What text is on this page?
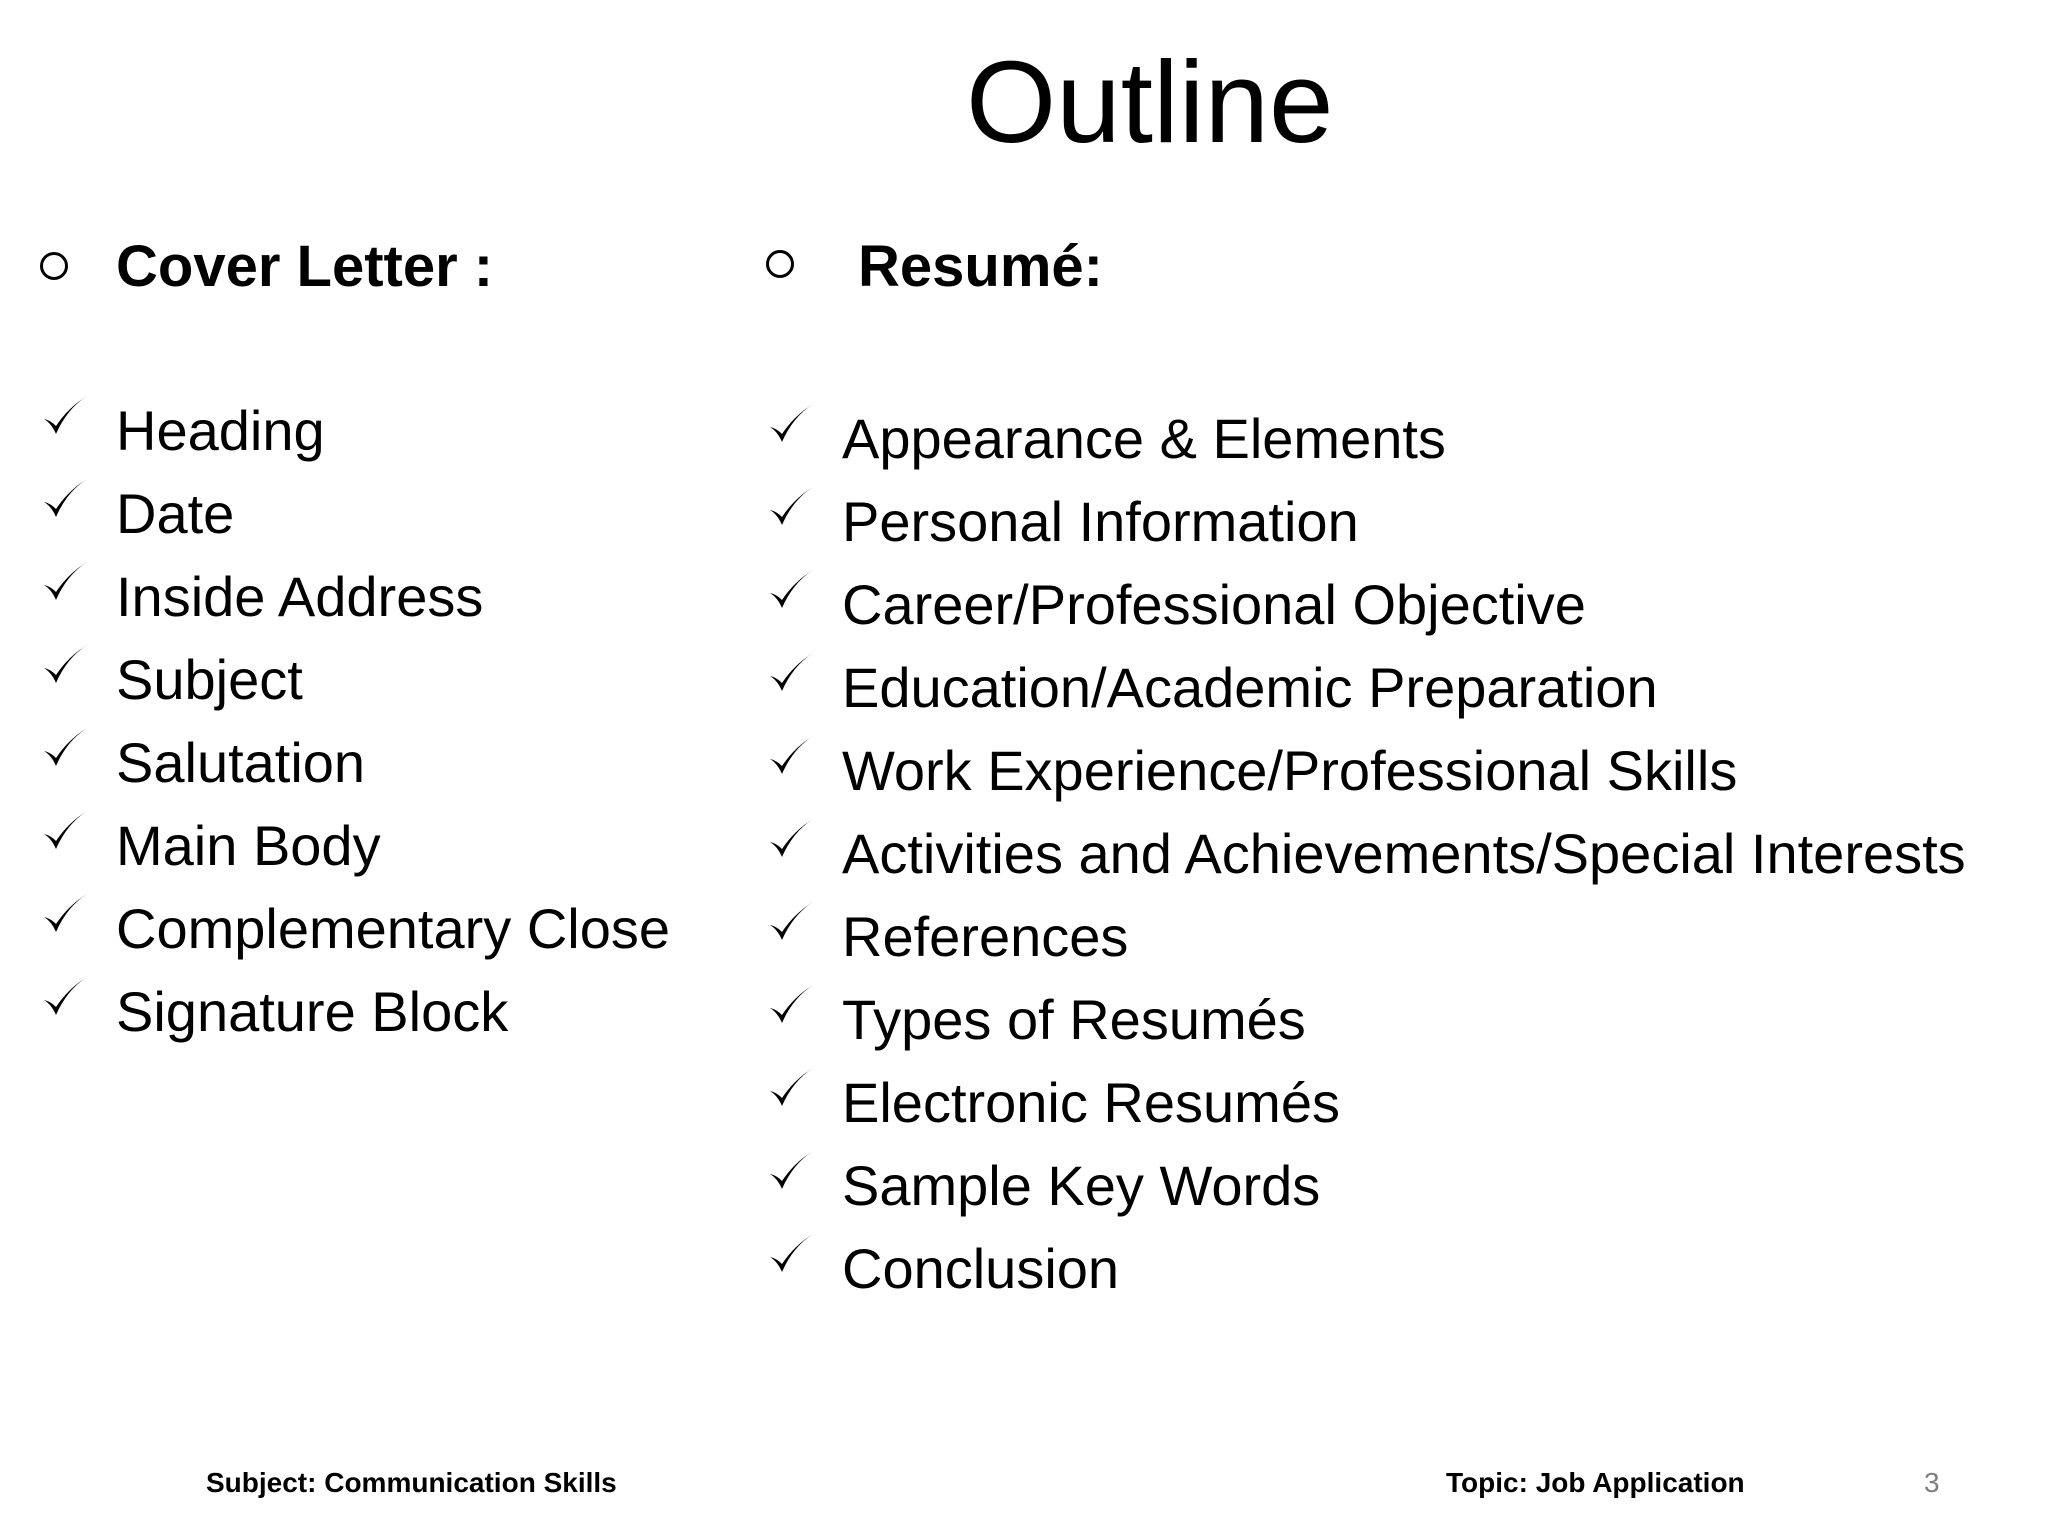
Outline
Cover Letter :
Heading
Date
Inside Address
Subject
Salutation
Main Body
Complementary Close
Signature Block
Resumé:
Appearance & Elements
Personal Information
Career/Professional Objective
Education/Academic Preparation
Work Experience/Professional Skills
Activities and Achievements/Special Interests
References
Types of Resumés
Electronic Resumés
Sample Key Words
Conclusion
Subject: Communication Skills	Topic: Job Application	3
